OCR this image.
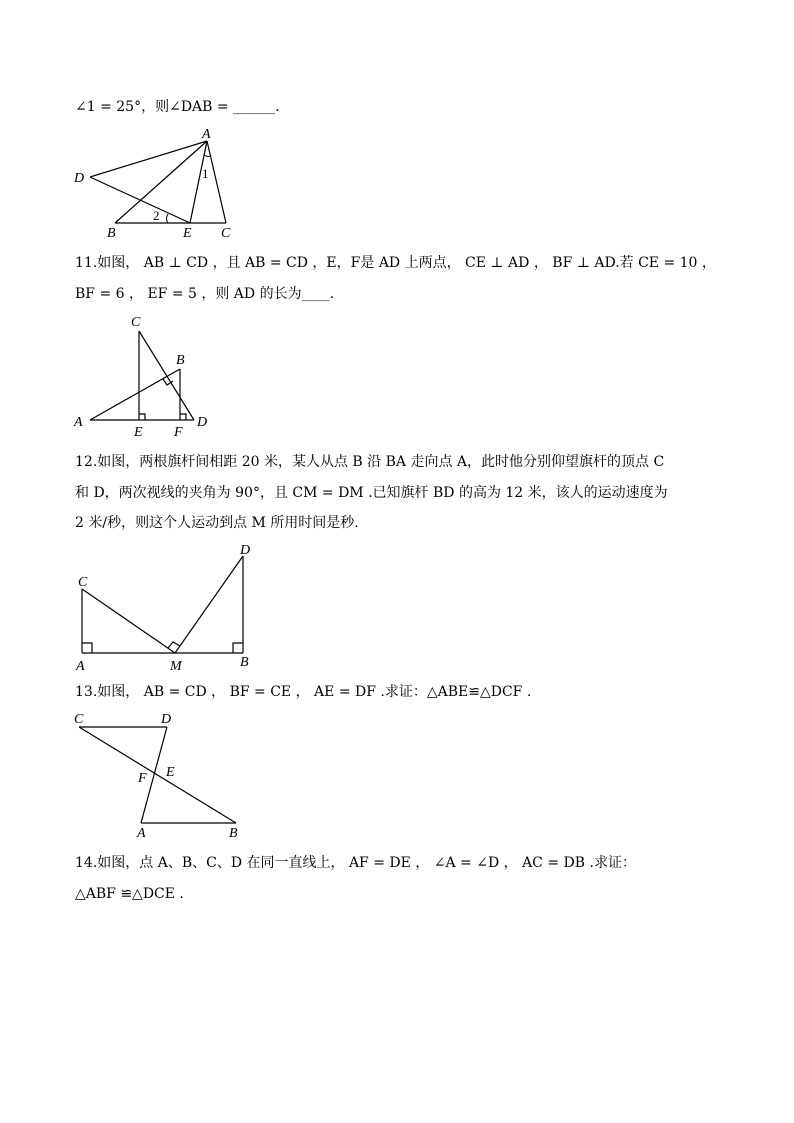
∠1 = 25°，则∠DAB = ______.
A
D	1
2
B	E C
11.如图， AB ⊥ CD ，且 AB = CD ，E，F是 AD 上两点， CE ⊥ AD ， BF ⊥ AD.若 CE = 10 ，
BF = 6 ， EF = 5 ，则 AD 的长为____.
C
B
A	D
E F
12.如图，两根旗杆间相距 20 米，某人从点 B 沿 BA 走向点 A，此时他分别仰望旗杆的顶点 C
和 D，两次视线的夹角为 90°，且 CM = DM .已知旗杆 BD 的高为 12 米，该人的运动速度为
2 米/秒，则这个人运动到点 M 所用时间是秒.
D
C
A	M	B
13.如图， AB = CD ， BF = CE ， AE = DF .求证：△ABE≌△DCF .
C	D
E
F
A	B
14.如图，点 A、B、C、D 在同一直线上， AF = DE ， ∠A = ∠D ， AC = DB .求证：
△ABF ≌△DCE .
